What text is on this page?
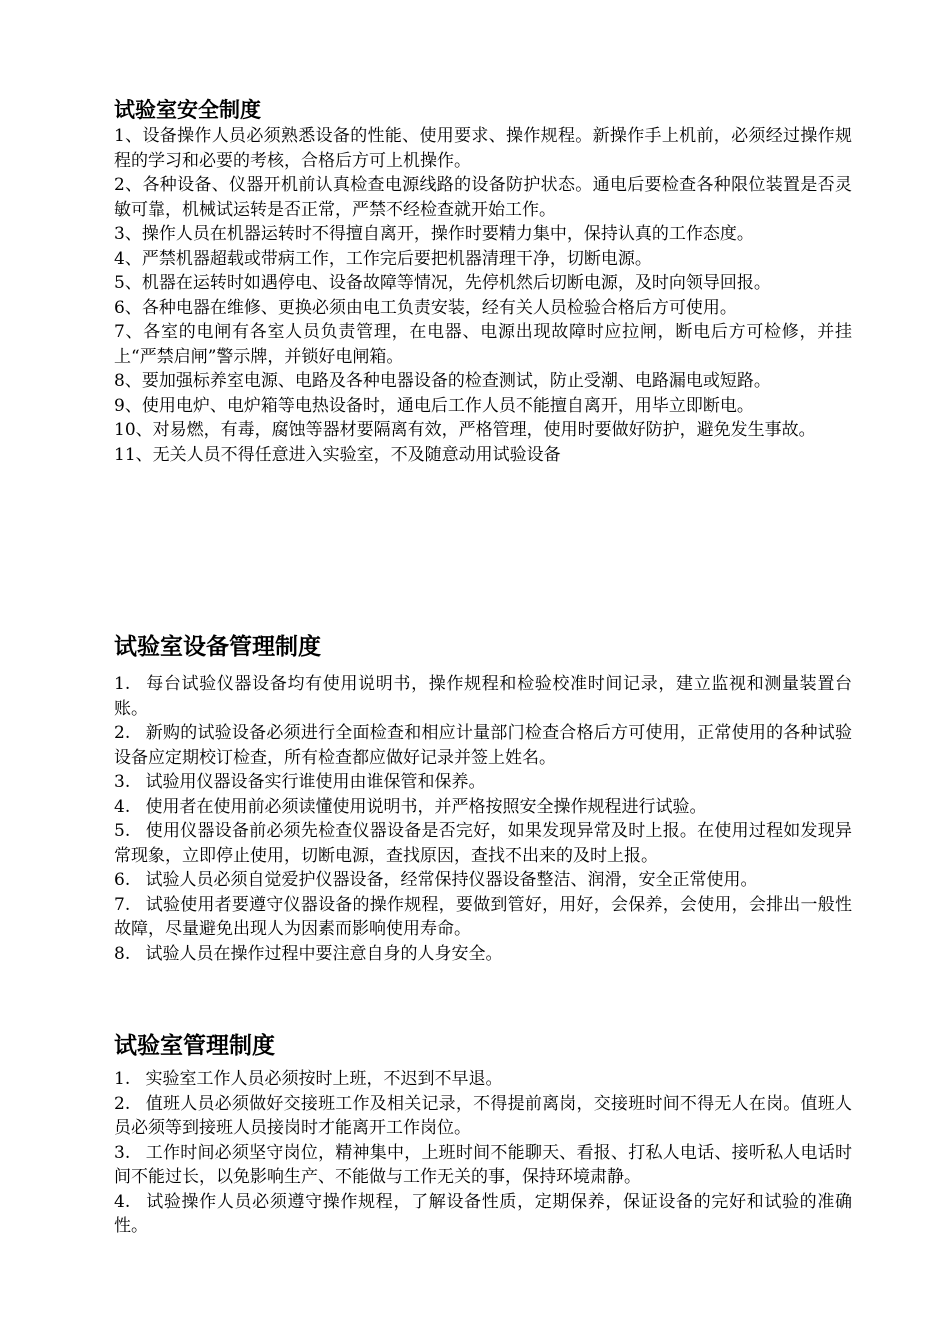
试验室安全制度

1、设备操作人员必须熟悉设备的性能、使用要求、操作规程。新操作手上机前，必须经过操作规程的学习和必要的考核，合格后方可上机操作。

2、各种设备、仪器开机前认真检查电源线路的设备防护状态。通电后要检查各种限位装置是否灵敏可靠，机械试运转是否正常，严禁不经检查就开始工作。

3、操作人员在机器运转时不得擅自离开，操作时要精力集中，保持认真的工作态度。

4、严禁机器超载或带病工作，工作完后要把机器清理干净，切断电源。

5、机器在运转时如遇停电、设备故障等情况，先停机然后切断电源，及时向领导回报。

6、各种电器在维修、更换必须由电工负责安装，经有关人员检验合格后方可使用。

7、各室的电闸有各室人员负责管理，在电器、电源出现故障时应拉闸，断电后方可检修，并挂上“严禁启闸”警示牌，并锁好电闸箱。

8、要加强标养室电源、电路及各种电器设备的检查测试，防止受潮、电路漏电或短路。

9、使用电炉、电炉箱等电热设备时，通电后工作人员不能擅自离开，用毕立即断电。

10、对易燃，有毒，腐蚀等器材要隔离有效，严格管理，使用时要做好防护，避免发生事故。

11、无关人员不得任意进入实验室，不及随意动用试验设备

试验室设备管理制度

1. 每台试验仪器设备均有使用说明书，操作规程和检验校准时间记录，建立监视和测量装置台账。

2. 新购的试验设备必须进行全面检查和相应计量部门检查合格后方可使用，正常使用的各种试验设备应定期校订检查，所有检查都应做好记录并签上姓名。

3. 试验用仪器设备实行谁使用由谁保管和保养。

4. 使用者在使用前必须读懂使用说明书，并严格按照安全操作规程进行试验。

5. 使用仪器设备前必须先检查仪器设备是否完好，如果发现异常及时上报。在使用过程如发现异常现象，立即停止使用，切断电源，查找原因，查找不出来的及时上报。

6. 试验人员必须自觉爱护仪器设备，经常保持仪器设备整洁、润滑，安全正常使用。

7. 试验使用者要遵守仪器设备的操作规程，要做到管好，用好，会保养，会使用，会排出一般性故障，尽量避免出现人为因素而影响使用寿命。

8. 试验人员在操作过程中要注意自身的人身安全。

试验室管理制度

1. 实验室工作人员必须按时上班，不迟到不早退。

2. 值班人员必须做好交接班工作及相关记录，不得提前离岗，交接班时间不得无人在岗。值班人员必须等到接班人员接岗时才能离开工作岗位。

3. 工作时间必须坚守岗位，精神集中，上班时间不能聊天、看报、打私人电话、接听私人电话时间不能过长，以免影响生产、不能做与工作无关的事，保持环境肃静。

4. 试验操作人员必须遵守操作规程，了解设备性质，定期保养，保证设备的完好和试验的准确性。
